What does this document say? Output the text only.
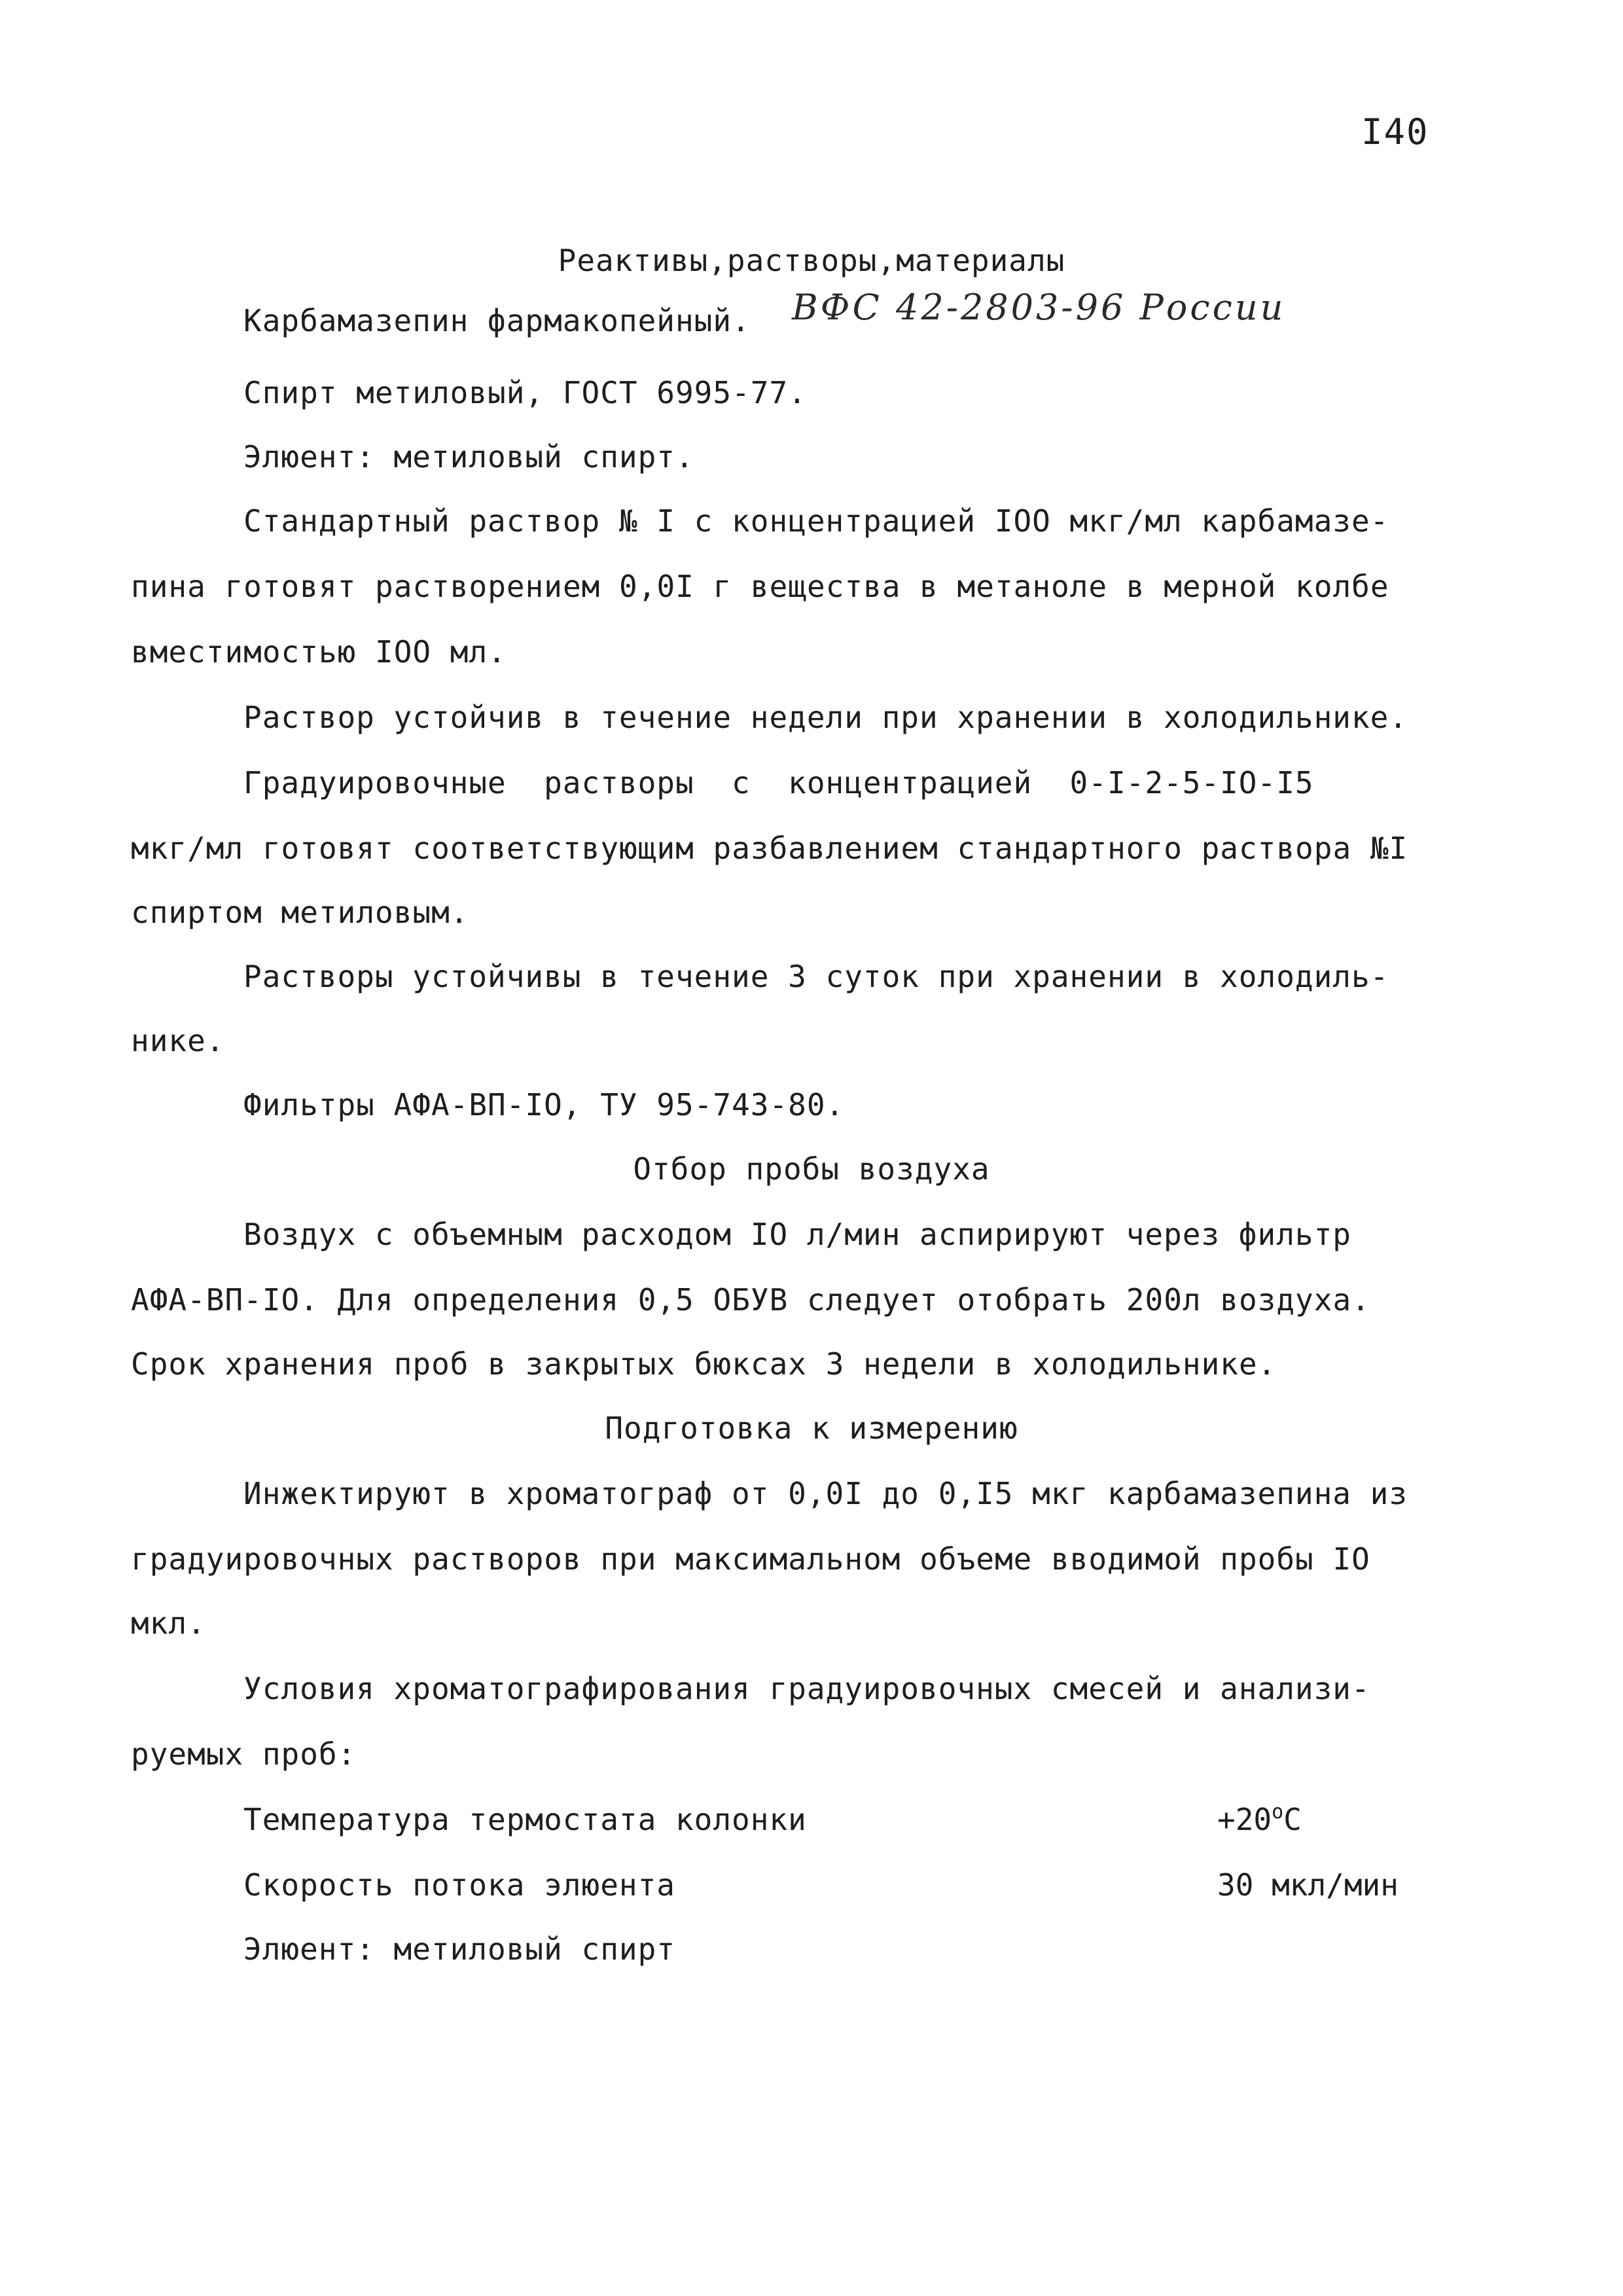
I40
Реактивы,растворы,материалы
Карбамазепин фармакопейный. ВФС 42-2803-96 России
Спирт метиловый, ГОСТ 6995-77.
Элюент: метиловый спирт.
Стандартный раствор № I с концентрацией IOO мкг/мл карбамазе-
пина готовят растворением 0,0I г вещества в метаноле в мерной колбе
вместимостью IOO мл.
Раствор устойчив в течение недели при хранении в холодильнике.
Градуировочные  растворы  с  концентрацией  0-I-2-5-IO-I5
мкг/мл готовят соответствующим разбавлением стандартного раствора №I
спиртом метиловым.
Растворы устойчивы в течение 3 суток при хранении в холодиль-
нике.
Фильтры АФА-ВП-IO, ТУ 95-743-80.
Отбор пробы воздуха
Воздух с объемным расходом IO л/мин аспирируют через фильтр
АФА-ВП-IO. Для определения 0,5 ОБУВ следует отобрать 200л воздуха.
Срок хранения проб в закрытых бюксах 3 недели в холодильнике.
Подготовка к измерению
Инжектируют в хроматограф от 0,0I до 0,I5 мкг карбамазепина из
градуировочных растворов при максимальном объеме вводимой пробы IO
мкл.
Условия хроматографирования градуировочных смесей и анализи-
руемых проб:
Температура термостата колонки	$+20^oC$
Скорость потока элюента	30 мкл/мин
Элюент: метиловый спирт
